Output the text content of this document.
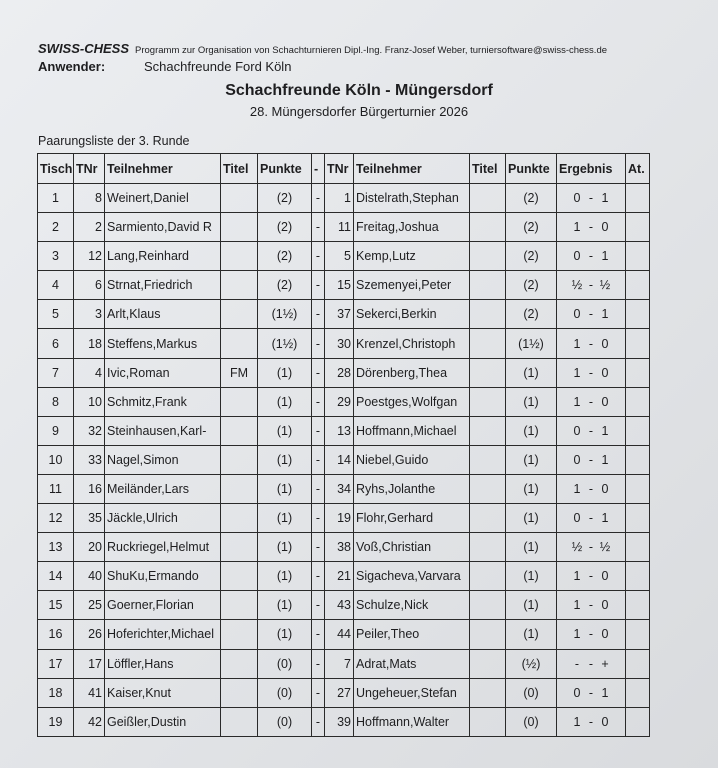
SWISS-CHESS Programm zur Organisation von Schachturnieren Dipl.-Ing. Franz-Josef Weber, turniersoftware@swiss-chess.de
Anwender:	Schachfreunde Ford Köln
Schachfreunde Köln - Müngersdorf
28. Müngersdorfer Bürgerturnier 2026
Paarungsliste der 3. Runde
Tisch	TNr	Teilnehmer	Titel	Punkte	-	TNr	Teilnehmer	Titel	Punkte	Ergebnis	At.
1	8	Weinert,Daniel		(2)	-	1	Distelrath,Stephan		(2)	0 - 1	
2	2	Sarmiento,David R		(2)	-	11	Freitag,Joshua		(2)	1 - 0	
3	12	Lang,Reinhard		(2)	-	5	Kemp,Lutz		(2)	0 - 1	
4	6	Strnat,Friedrich		(2)	-	15	Szemenyei,Peter		(2)	½ - ½	
5	3	Arlt,Klaus		(1½)	-	37	Sekerci,Berkin		(2)	0 - 1	
6	18	Steffens,Markus		(1½)	-	30	Krenzel,Christoph		(1½)	1 - 0	
7	4	Ivic,Roman	FM	(1)	-	28	Dörenberg,Thea		(1)	1 - 0	
8	10	Schmitz,Frank		(1)	-	29	Poestges,Wolfgan		(1)	1 - 0	
9	32	Steinhausen,Karl-		(1)	-	13	Hoffmann,Michael		(1)	0 - 1	
10	33	Nagel,Simon		(1)	-	14	Niebel,Guido		(1)	0 - 1	
11	16	Meiländer,Lars		(1)	-	34	Ryhs,Jolanthe		(1)	1 - 0	
12	35	Jäckle,Ulrich		(1)	-	19	Flohr,Gerhard		(1)	0 - 1	
13	20	Ruckriegel,Helmut		(1)	-	38	Voß,Christian		(1)	½ - ½	
14	40	ShuKu,Ermando		(1)	-	21	Sigacheva,Varvara		(1)	1 - 0	
15	25	Goerner,Florian		(1)	-	43	Schulze,Nick		(1)	1 - 0	
16	26	Hoferichter,Michael		(1)	-	44	Peiler,Theo		(1)	1 - 0	
17	17	Löffler,Hans		(0)	-	7	Adrat,Mats		(½)	- - +	
18	41	Kaiser,Knut		(0)	-	27	Ungeheuer,Stefan		(0)	0 - 1	
19	42	Geißler,Dustin		(0)	-	39	Hoffmann,Walter		(0)	1 - 0	
